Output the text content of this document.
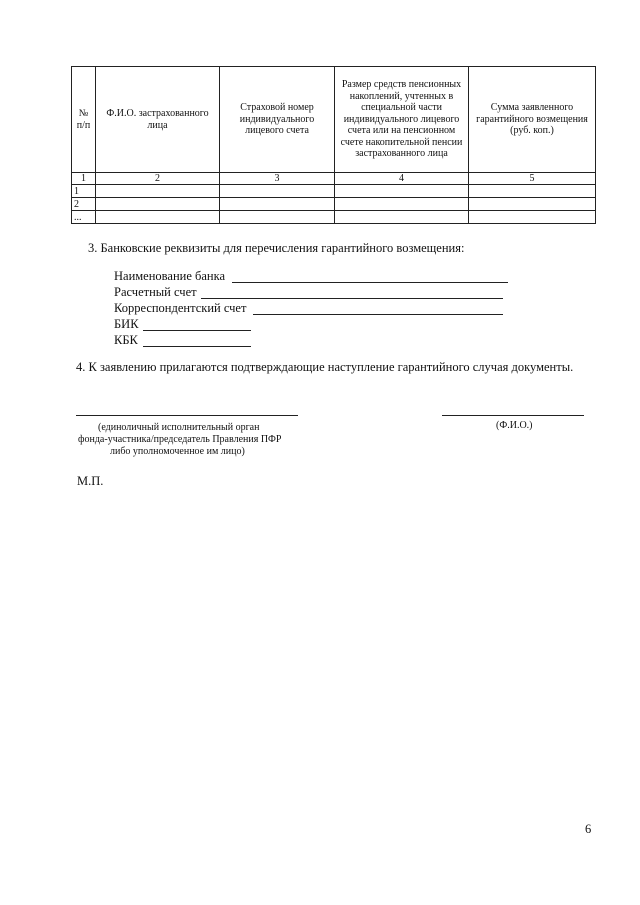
№ п/п	Ф.И.О. застрахованного лица	Страховой номер индивидуального лицевого счета	Размер средств пенсионных накоплений, учтенных в специальной части индивидуального лицевого счета или на пенсионном счете накопительной пенсии застрахованного лица	Сумма заявленного гарантийного возмещения (руб. коп.)
1	2	3	4	5
1				
2				
...				
3. Банковские реквизиты для перечисления гарантийного возмещения:
Наименование банка
Расчетный счет
Корреспондентский счет
БИК
КБК
4. К заявлению прилагаются подтверждающие наступление гарантийного случая документы.
(единоличный исполнительный орган
фонда-участника/председатель Правления ПФР
либо уполномоченное им лицо)
(Ф.И.О.)
М.П.
6
